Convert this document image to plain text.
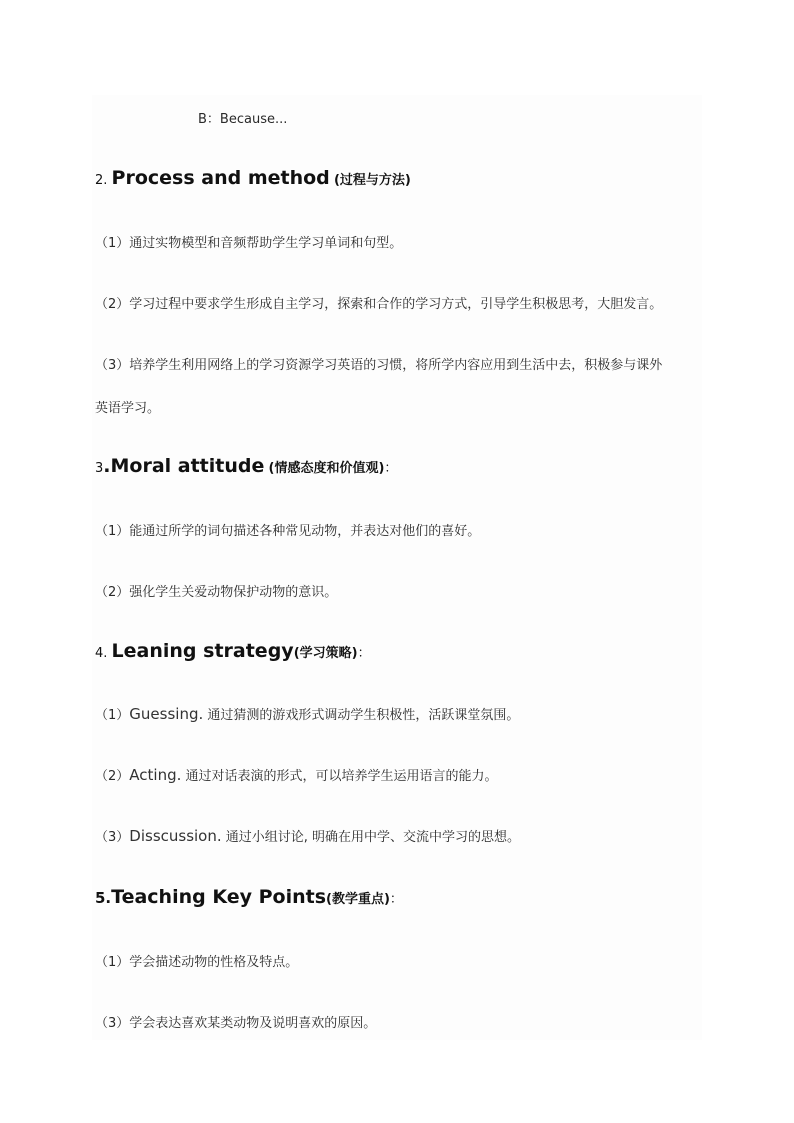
B：Because...
2. Process and method (过程与方法)
（1）通过实物模型和音频帮助学生学习单词和句型。
（2）学习过程中要求学生形成自主学习，探索和合作的学习方式，引导学生积极思考，大胆发言。
（3）培养学生利用网络上的学习资源学习英语的习惯，将所学内容应用到生活中去，积极参与课外
英语学习。
3.Moral attitude (情感态度和价值观)：
（1）能通过所学的词句描述各种常见动物，并表达对他们的喜好。
（2）强化学生关爱动物保护动物的意识。
4. Leaning strategy(学习策略)：
（1）Guessing. 通过猜测的游戏形式调动学生积极性，活跃课堂氛围。
（2）Acting. 通过对话表演的形式，可以培养学生运用语言的能力。
（3）Disscussion. 通过小组讨论, 明确在用中学、交流中学习的思想。
5.Teaching Key Points(教学重点)：
（1）学会描述动物的性格及特点。
（3）学会表达喜欢某类动物及说明喜欢的原因。
